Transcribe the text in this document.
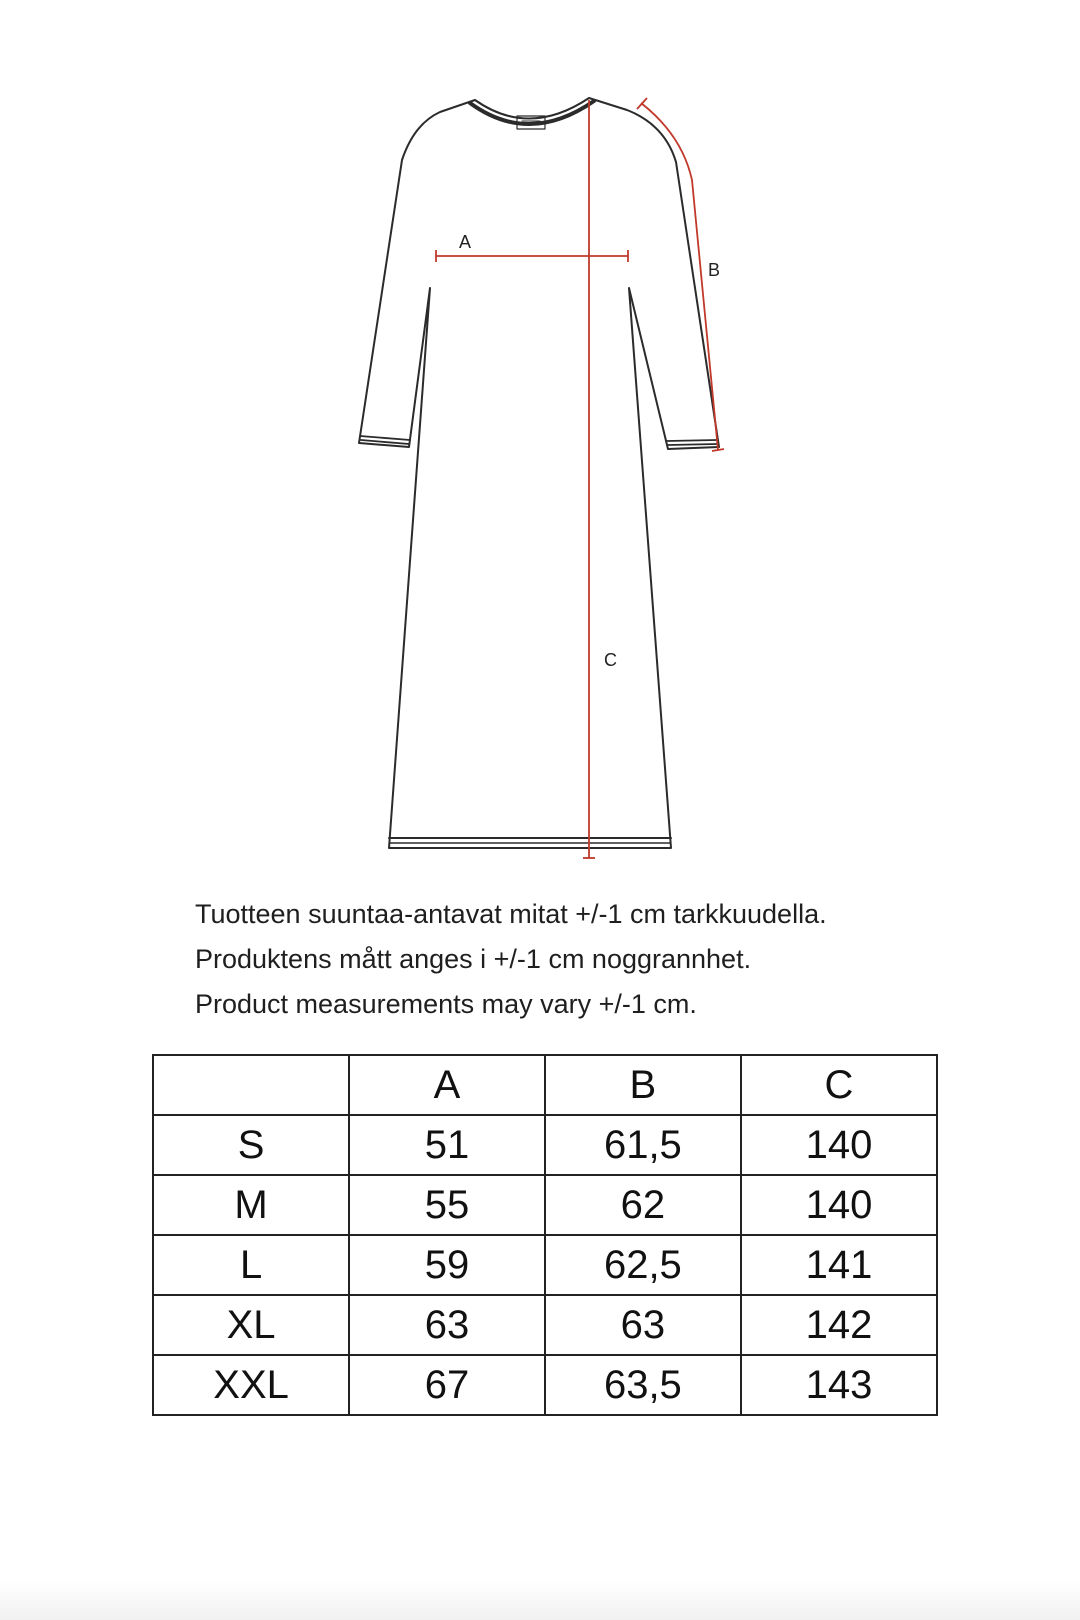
A
B
C

Tuotteen suuntaa-antavat mitat +/-1 cm tarkkuudella.

Produktens mått anges i +/-1 cm noggrannhet.

Product measurements may vary +/-1 cm.

	A	B	C
S	51	61,5	140
M	55	62	140
L	59	62,5	141
XL	63	63	142
XXL	67	63,5	143
